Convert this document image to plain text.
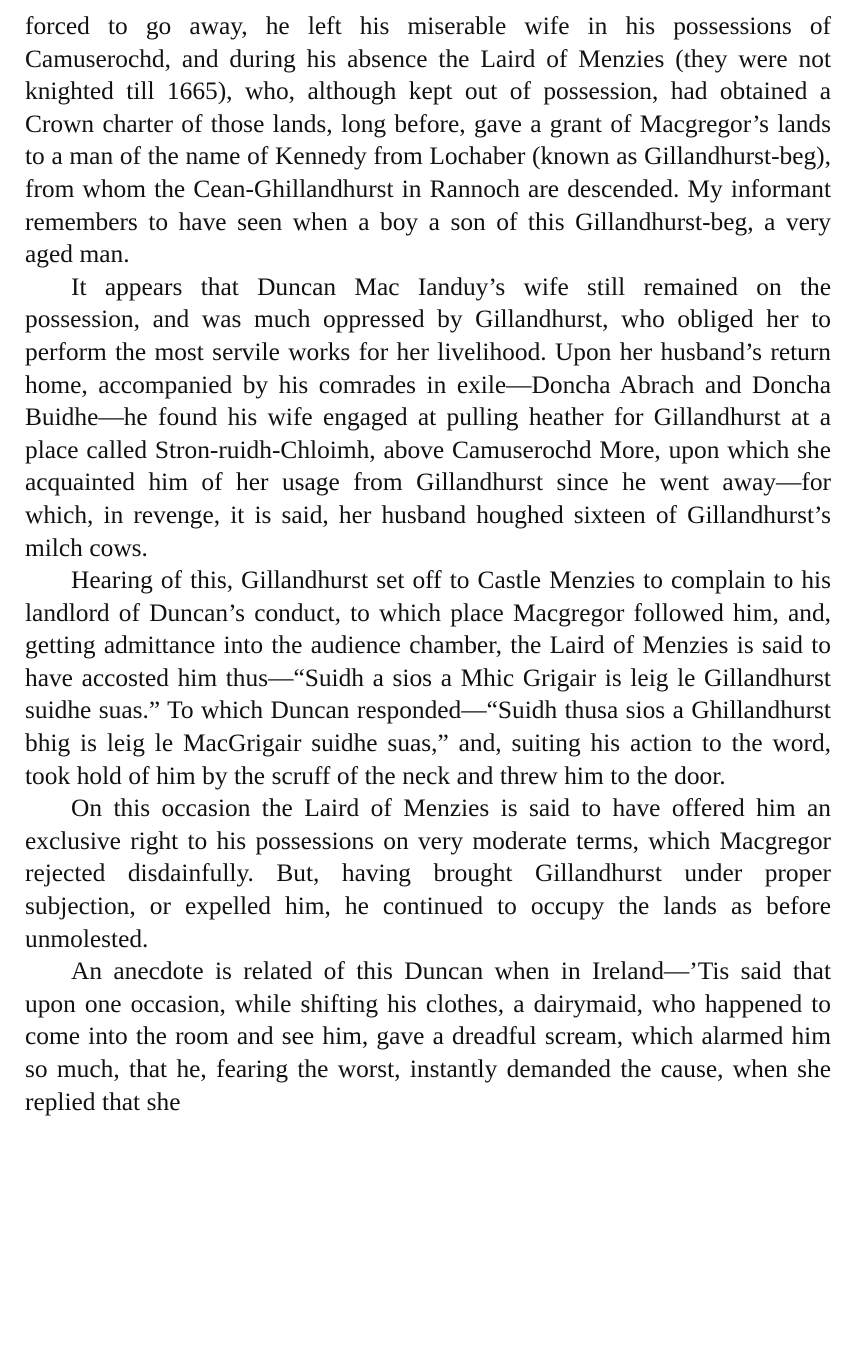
forced to go away, he left his miserable wife in his possessions of Camuserochd, and during his absence the Laird of Menzies (they were not knighted till 1665), who, although kept out of possession, had obtained a Crown charter of those lands, long before, gave a grant of Macgregor’s lands to a man of the name of Kennedy from Lochaber (known as Gillandhurst-beg), from whom the Cean-Ghillandhurst in Rannoch are descended. My informant remembers to have seen when a boy a son of this Gillandhurst-beg, a very aged man.

It appears that Duncan Mac Ianduy’s wife still remained on the possession, and was much oppressed by Gillandhurst, who obliged her to perform the most servile works for her livelihood. Upon her husband’s return home, accompanied by his comrades in exile—Doncha Abrach and Doncha Buidhe—he found his wife engaged at pulling heather for Gillandhurst at a place called Stron-ruidh-Chloimh, above Camuserochd More, upon which she acquainted him of her usage from Gillandhurst since he went away—for which, in revenge, it is said, her husband houghed sixteen of Gillandhurst’s milch cows.

Hearing of this, Gillandhurst set off to Castle Menzies to complain to his landlord of Duncan’s conduct, to which place Macgregor followed him, and, getting admittance into the audience chamber, the Laird of Menzies is said to have accosted him thus—“Suidh a sios a Mhic Grigair is leig le Gillandhurst suidhe suas.” To which Duncan responded—“Suidh thusa sios a Ghillandhurst bhig is leig le MacGrigair suidhe suas,” and, suiting his action to the word, took hold of him by the scruff of the neck and threw him to the door.

On this occasion the Laird of Menzies is said to have offered him an exclusive right to his possessions on very moderate terms, which Macgregor rejected disdainfully. But, having brought Gillandhurst under proper subjection, or expelled him, he continued to occupy the lands as before unmolested.

An anecdote is related of this Duncan when in Ireland—’Tis said that upon one occasion, while shifting his clothes, a dairymaid, who happened to come into the room and see him, gave a dreadful scream, which alarmed him so much, that he, fearing the worst, instantly demanded the cause, when she replied that she
